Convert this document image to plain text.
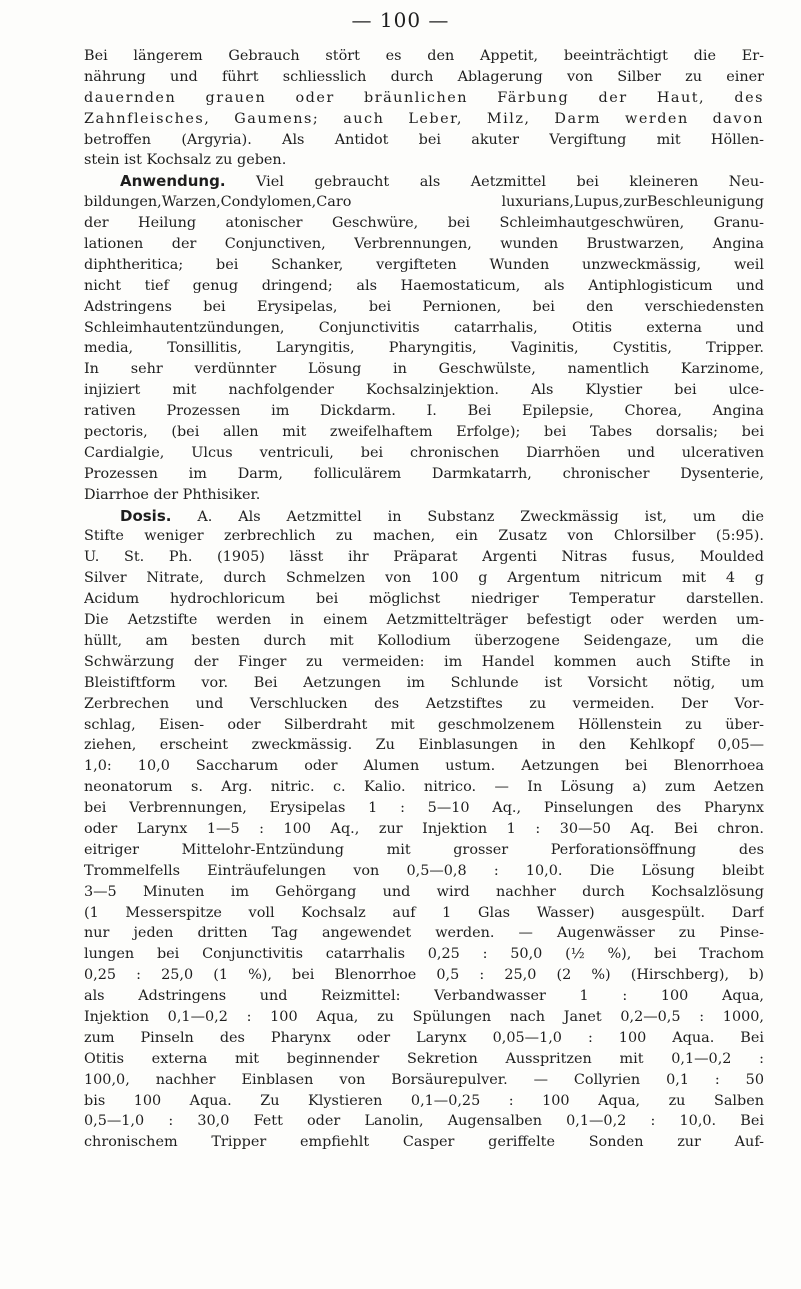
— 100 —
Bei längerem Gebrauch stört es den Appetit, beeinträchtigt die Er-
nährung und führt schliesslich durch Ablagerung von Silber zu einer
dauernden grauen oder bräunlichen Färbung der Haut, des
Zahnfleisches, Gaumens; auch Leber, Milz, Darm werden davon
betroffen (Argyria). Als Antidot bei akuter Vergiftung mit Höllen-
stein ist Kochsalz zu geben.
Anwendung. Viel gebraucht als Aetzmittel bei kleineren Neu-
bildungen,Warzen,Condylomen,Caro luxurians,Lupus,zurBeschleunigung
der Heilung atonischer Geschwüre, bei Schleimhautgeschwüren, Granu-
lationen der Conjunctiven, Verbrennungen, wunden Brustwarzen, Angina
diphtheritica; bei Schanker, vergifteten Wunden unzweckmässig, weil
nicht tief genug dringend; als Haemostaticum, als Antiphlogisticum und
Adstringens bei Erysipelas, bei Pernionen, bei den verschiedensten
Schleimhautentzündungen, Conjunctivitis catarrhalis, Otitis externa und
media, Tonsillitis, Laryngitis, Pharyngitis, Vaginitis, Cystitis, Tripper.
In sehr verdünnter Lösung in Geschwülste, namentlich Karzinome,
injiziert mit nachfolgender Kochsalzinjektion. Als Klystier bei ulce-
rativen Prozessen im Dickdarm. I. Bei Epilepsie, Chorea, Angina
pectoris, (bei allen mit zweifelhaftem Erfolge); bei Tabes dorsalis; bei
Cardialgie, Ulcus ventriculi, bei chronischen Diarrhöen und ulcerativen
Prozessen im Darm, folliculärem Darmkatarrh, chronischer Dysenterie,
Diarrhoe der Phthisiker.
Dosis. A. Als Aetzmittel in Substanz Zweckmässig ist, um die
Stifte weniger zerbrechlich zu machen, ein Zusatz von Chlorsilber (5:95).
U. St. Ph. (1905) lässt ihr Präparat Argenti Nitras fusus, Moulded
Silver Nitrate, durch Schmelzen von 100 g Argentum nitricum mit 4 g
Acidum hydrochloricum bei möglichst niedriger Temperatur darstellen.
Die Aetzstifte werden in einem Aetzmittelträger befestigt oder werden um-
hüllt, am besten durch mit Kollodium überzogene Seidengaze, um die
Schwärzung der Finger zu vermeiden: im Handel kommen auch Stifte in
Bleistiftform vor. Bei Aetzungen im Schlunde ist Vorsicht nötig, um
Zerbrechen und Verschlucken des Aetzstiftes zu vermeiden. Der Vor-
schlag, Eisen- oder Silberdraht mit geschmolzenem Höllenstein zu über-
ziehen, erscheint zweckmässig. Zu Einblasungen in den Kehlkopf 0,05—
1,0: 10,0 Saccharum oder Alumen ustum. Aetzungen bei Blenorrhoea
neonatorum s. Arg. nitric. c. Kalio. nitrico. — In Lösung a) zum Aetzen
bei Verbrennungen, Erysipelas 1 : 5—10 Aq., Pinselungen des Pharynx
oder Larynx 1—5 : 100 Aq., zur Injektion 1 : 30—50 Aq. Bei chron.
eitriger Mittelohr-Entzündung mit grosser Perforationsöffnung des
Trommelfells Einträufelungen von 0,5—0,8 : 10,0. Die Lösung bleibt
3—5 Minuten im Gehörgang und wird nachher durch Kochsalzlösung
(1 Messerspitze voll Kochsalz auf 1 Glas Wasser) ausgespült. Darf
nur jeden dritten Tag angewendet werden. — Augenwässer zu Pinse-
lungen bei Conjunctivitis catarrhalis 0,25 : 50,0 (½ %), bei Trachom
0,25 : 25,0 (1 %), bei Blenorrhoe 0,5 : 25,0 (2 %) (Hirschberg), b)
als Adstringens und Reizmittel: Verbandwasser 1 : 100 Aqua,
Injektion 0,1—0,2 : 100 Aqua, zu Spülungen nach Janet 0,2—0,5 : 1000,
zum Pinseln des Pharynx oder Larynx 0,05—1,0 : 100 Aqua. Bei
Otitis externa mit beginnender Sekretion Ausspritzen mit 0,1—0,2 :
100,0, nachher Einblasen von Borsäurepulver. — Collyrien 0,1 : 50
bis 100 Aqua. Zu Klystieren 0,1—0,25 : 100 Aqua, zu Salben
0,5—1,0 : 30,0 Fett oder Lanolin, Augensalben 0,1—0,2 : 10,0. Bei
chronischem Tripper empfiehlt Casper geriffelte Sonden zur Auf-
